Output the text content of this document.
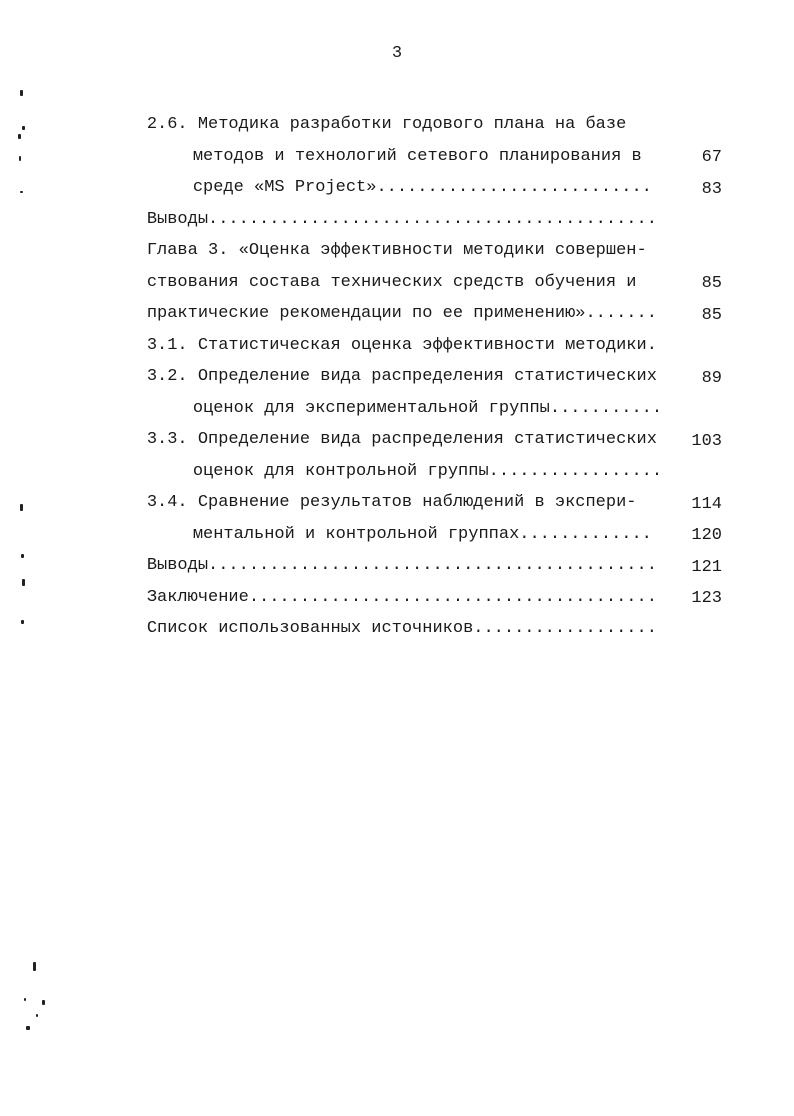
3

2.6. Методика разработки годового плана на базе

методов и технологий сетевого планирования в

среде «MS Project»...........................

67

Выводы............................................

83

Глава 3. «Оценка эффективности методики совершен-

ствования состава технических средств обучения и

практические рекомендации по ее применению».......

85

3.1. Статистическая оценка эффективности методики.

85

3.2. Определение вида распределения статистических

оценок для экспериментальной группы...........

89

3.3. Определение вида распределения статистических

оценок для контрольной группы.................

103

3.4. Сравнение результатов наблюдений в экспери-

ментальной и контрольной группах.............

114

Выводы............................................

120

Заключение........................................

121

Список использованных источников..................

123
